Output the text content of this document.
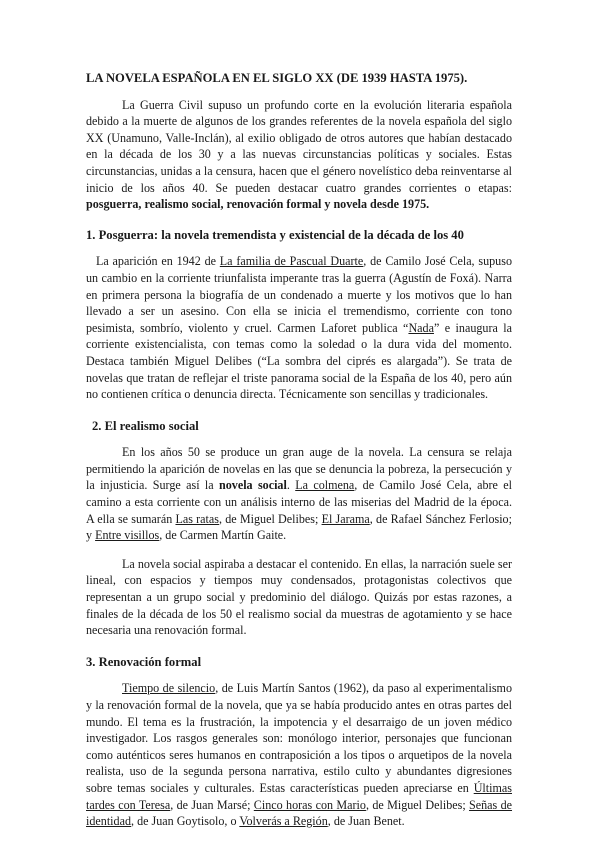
LA NOVELA ESPAÑOLA EN EL SIGLO XX (DE 1939 HASTA 1975).

La Guerra Civil supuso un profundo corte en la evolución literaria española debido a la muerte de algunos de los grandes referentes de la novela española del siglo XX (Unamuno, Valle-Inclán), al exilio obligado de otros autores que habían destacado en la década de los 30 y a las nuevas circunstancias políticas y sociales. Estas circunstancias, unidas a la censura, hacen que el género novelístico deba reinventarse al inicio de los años 40. Se pueden destacar cuatro grandes corrientes o etapas: posguerra, realismo social, renovación formal y novela desde 1975.

1. Posguerra: la novela tremendista y existencial de la década de los 40

La aparición en 1942 de La familia de Pascual Duarte, de Camilo José Cela, supuso un cambio en la corriente triunfalista imperante tras la guerra (Agustín de Foxá). Narra en primera persona la biografía de un condenado a muerte y los motivos que lo han llevado a ser un asesino. Con ella se inicia el tremendismo, corriente con tono pesimista, sombrío, violento y cruel. Carmen Laforet publica “Nada” e inaugura la corriente existencialista, con temas como la soledad o la dura vida del momento. Destaca también Miguel Delibes (“La sombra del ciprés es alargada”). Se trata de novelas que tratan de reflejar el triste panorama social de la España de los 40, pero aún no contienen crítica o denuncia directa. Técnicamente son sencillas y tradicionales.

2. El realismo social

En los años 50 se produce un gran auge de la novela. La censura se relaja permitiendo la aparición de novelas en las que se denuncia la pobreza, la persecución y la injusticia. Surge así la novela social. La colmena, de Camilo José Cela, abre el camino a esta corriente con un análisis interno de las miserias del Madrid de la época. A ella se sumarán Las ratas, de Miguel Delibes; El Jarama, de Rafael Sánchez Ferlosio; y Entre visillos, de Carmen Martín Gaite.

La novela social aspiraba a destacar el contenido. En ellas, la narración suele ser lineal, con espacios y tiempos muy condensados, protagonistas colectivos que representan a un grupo social y predominio del diálogo. Quizás por estas razones, a finales de la década de los 50 el realismo social da muestras de agotamiento y se hace necesaria una renovación formal.

3. Renovación formal

Tiempo de silencio, de Luis Martín Santos (1962), da paso al experimentalismo y la renovación formal de la novela, que ya se había producido antes en otras partes del mundo. El tema es la frustración, la impotencia y el desarraigo de un joven médico investigador. Los rasgos generales son: monólogo interior, personajes que funcionan como auténticos seres humanos en contraposición a los tipos o arquetipos de la novela realista, uso de la segunda persona narrativa, estilo culto y abundantes digresiones sobre temas sociales y culturales. Estas características pueden apreciarse en Últimas tardes con Teresa, de Juan Marsé; Cinco horas con Mario, de Miguel Delibes; Señas de identidad, de Juan Goytisolo, o Volverás a Región, de Juan Benet.
